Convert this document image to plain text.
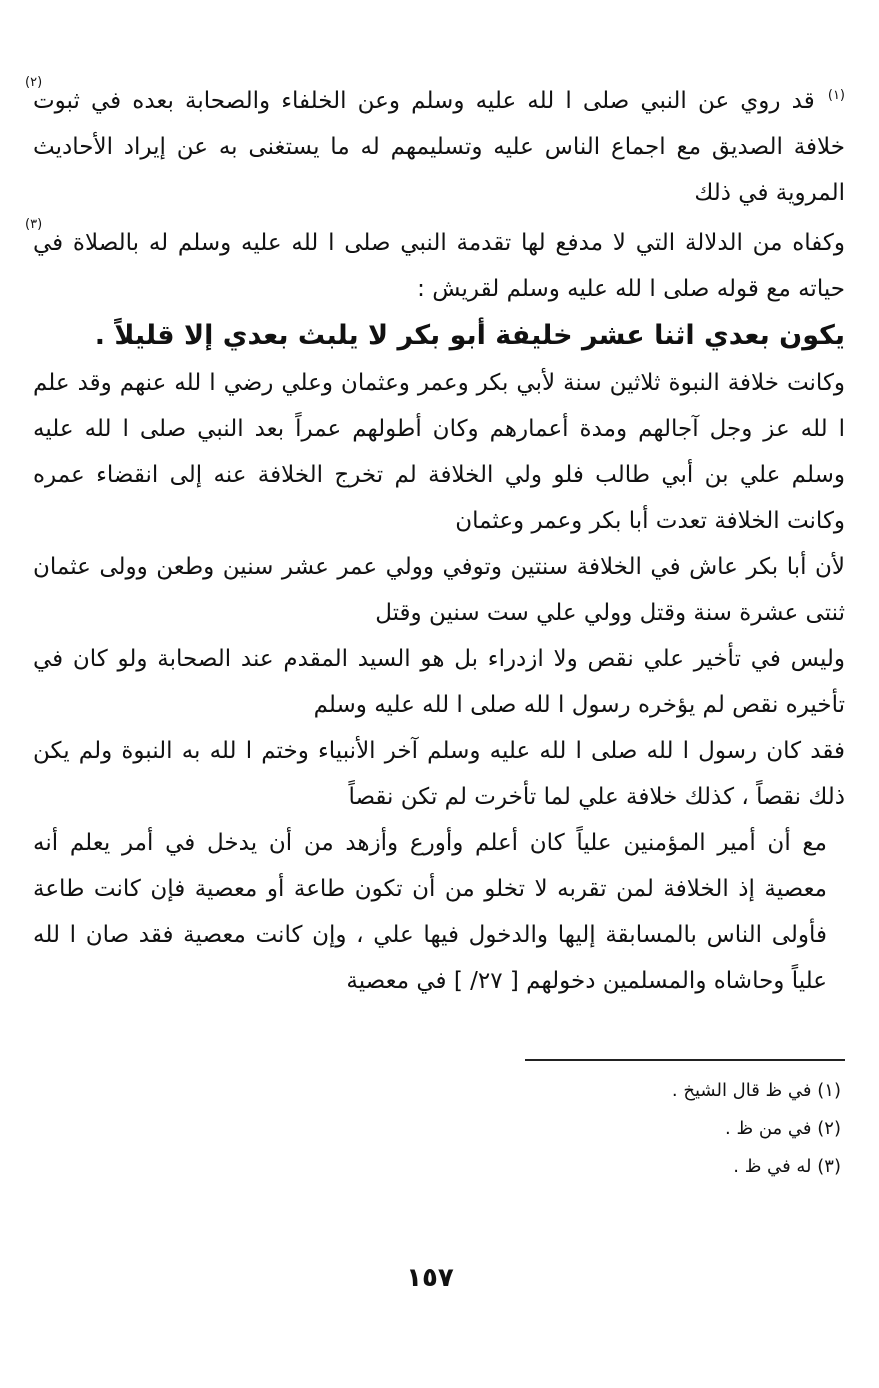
$^{(١)}$ قد روي عن النبي صلى ا لله عليه وسلم وعن الخلفاء والصحابة بعده في ثبوت خلافة الصديق مع اجماع الناس عليه وتسليمهم له ما يستغنى به عن إيراد الأحاديث المروية في ذلك
(٢)

وكفاه من الدلالة التي لا مدفع لها تقدمة النبي صلى ا لله عليه وسلم له بالصلاة في حياته مع قوله صلى ا لله عليه وسلم لقريش :
(٣)

يكون بعدي اثنا عشر خليفة أبو بكر لا يلبث بعدي إلا قليلاً .

وكانت خلافة النبوة ثلاثين سنة لأبي بكر وعمر وعثمان وعلي رضي ا لله عنهم وقد علم ا لله عز وجل آجالهم ومدة أعمارهم وكان أطولهم عمراً بعد النبي صلى ا لله عليه وسلم علي بن أبي طالب فلو ولي الخلافة لم تخرج الخلافة عنه إلى انقضاء عمره وكانت الخلافة تعدت أبا بكر وعمر وعثمان

لأن أبا بكر عاش في الخلافة سنتين وتوفي وولي عمر عشر سنين وطعن وولى عثمان ثنتى عشرة سنة وقتل وولي علي ست سنين وقتل

وليس في تأخير علي نقص ولا ازدراء بل هو السيد المقدم عند الصحابة ولو كان في تأخيره نقص لم يؤخره رسول ا لله صلى ا لله عليه وسلم

فقد كان رسول ا لله صلى ا لله عليه وسلم آخر الأنبياء وختم ا لله به النبوة ولم يكن ذلك نقصاً ، كذلك خلافة علي لما تأخرت لم تكن نقصاً

مع أن أمير المؤمنين علياً كان أعلم وأورع وأزهد من أن يدخل في أمر يعلم أنه معصية إذ الخلافة لمن تقربه لا تخلو من أن تكون طاعة أو معصية فإن كانت طاعة فأولى الناس بالمسابقة إليها والدخول فيها علي ، وإن كانت معصية فقد صان ا لله علياً وحاشاه والمسلمين دخولهم [ ٢٧/ ] في معصية

(١) في ظ قال الشيخ .

(٢) في من ظ .

(٣) له في ظ .

١٥٧
